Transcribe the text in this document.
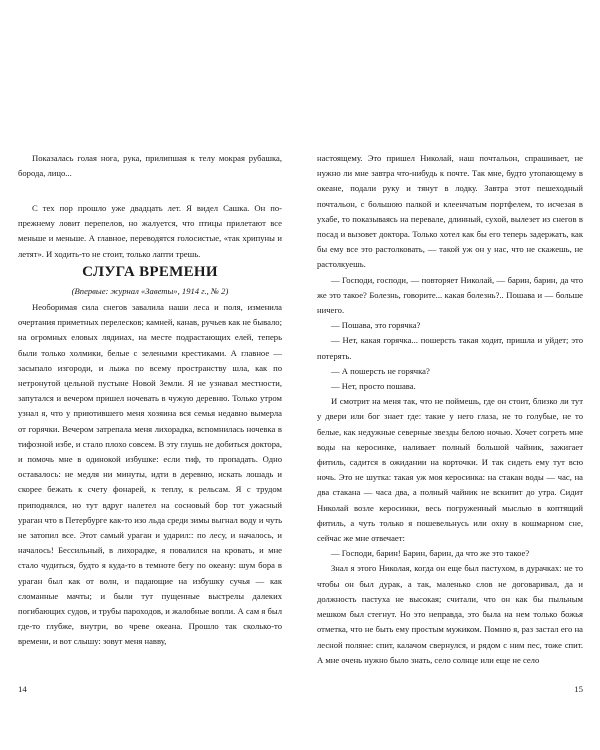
Показалась голая нога, рука, прилипшая к телу мокрая рубашка, бородa, лицо...

С тех пор прошло уже двадцать лет. Я видел Сашка. Он по-прежнему ловит перепелов, но жалуется, что птицы прилетают все меньше и меньше. А главное, переводятся голосистые, «так хрипуны и летят». И ходить-то не стоит, только лапти трешь.

СЛУГА ВРЕМЕНИ

(Впервые: журнал «Заветы», 1914 г., № 2)

Необоримая сила снегов завалила наши леса и поля, изменила очертания приметных перелесков; камней, канав, ручьев как не бывало; на огромных еловых лядинах, на месте подрастающих елей, теперь были только холмики, белые с зелеными крестиками. А главное — засыпало изгороди, и лыжа по всему пространству шла, как по нетронутой цельной пустыне Новой Земли. Я не узнавал местности, запутался и вечером пришел ночевать в чужую деревню. Только утром узнал я, что у приютившего меня хозяина вся семья недавно вымерла от горячки. Вечером затрепала меня лихорадка, вспомнилась ночевка в тифозной избе, и стало плохо совсем. В эту глушь не добиться доктора, и помочь мне в одинокой избушке: если тиф, то пропадать. Одно оставалось: не медля ни минуты, идти в деревню, искать лошадь и скорее бежать к счету фонарей, к теплу, к рельсам. Я с трудом приподнялся, но тут вдруг налетел на сосновый бор тот ужасный ураган что в Петербурге как-то изо льда среди зимы выгнал воду и чуть не затопил все. Этот самый ураган и ударил:: по лесу, и началось, и началось! Бессильный, в лихорадке, я повалился на кровать, и мне стало чудиться, будто я куда-то в темноте бегу по океану: шум бора в ураган был как от волн, и падающие на избушку сучья — как сломанные мачты; и были тут пущенные выстрелы далеких погибающих судов, и трубы пароходов, и жалобные вопли. А сам я был где-то глубже, внутри, во чреве океана. Прошло так сколько-то времени, и вот слышу: зовут меня навву,

14

настоящему. Это пришел Николай, наш почтальон, спрашивает, не нужно ли мне завтра что-нибудь к почте. Так мне, будто утопающему в океане, подали руку и тянут в лодку. Завтра этот пешеходный почтальон, с большою палкой и клеенчатым портфелем, то исчезая в ухабе, то показываясь на перевале, длинный, сухой, вылезет из снегов в посад и вызовет доктора. Только хотел как бы его теперь задержать, как бы ему все это растолковать, — такой уж он у нас, что не скажешь, не растолкуешь.

— Господи, господи, — повторяет Николай, — барин, барин, да что же это такое? Болезнь, говорите... какая болезнь?.. Пошава и — больше ничего.

— Пошава, это горячка?

— Нет, какая горячка... пошерсть такая ходит, пришла и уйдет; это потерять.

— А пошерсть не горячка?

— Нет, просто пошава.

И смотрит на меня так, что не поймешь, где он стоит, близко ли тут у двери или бог знает где: такие у него глаза, не то голубые, не то белые, как недужные северные звезды белою ночью. Хочет согреть мне воды на керосинке, наливает полный большой чайник, зажигает фитиль, садится в ожидании на корточки. И так сидеть ему тут всю ночь. Это не шутка: такая уж моя керосинка: на стакан воды — час, на два стакана — часа два, а полный чайник не вскипит до утра. Сидит Николай возле керосинки, весь погруженный мыслью в коптящий фитиль, а чуть только я пошевельнусь или охну в кошмарном сне, сейчас же мне отвечает:

— Господи, барин! Барин, барин, да что же это такое?

Знал я этого Николая, когда он еще был пастухом, в дурачках: не то чтобы он был дурак, а так, маленько слов не договаривал, да и должность пастуха не высокая; считали, что он как бы пыльным мешком был стегнут. Но это неправда, это была на нем только божья отметка, что не быть ему простым мужиком. Помню я, раз застал его на лесной поляне: спит, калачом свернулся, и рядом с ним пес, тоже спит. А мне очень нужно было знать, село солнце или еще не село

15
